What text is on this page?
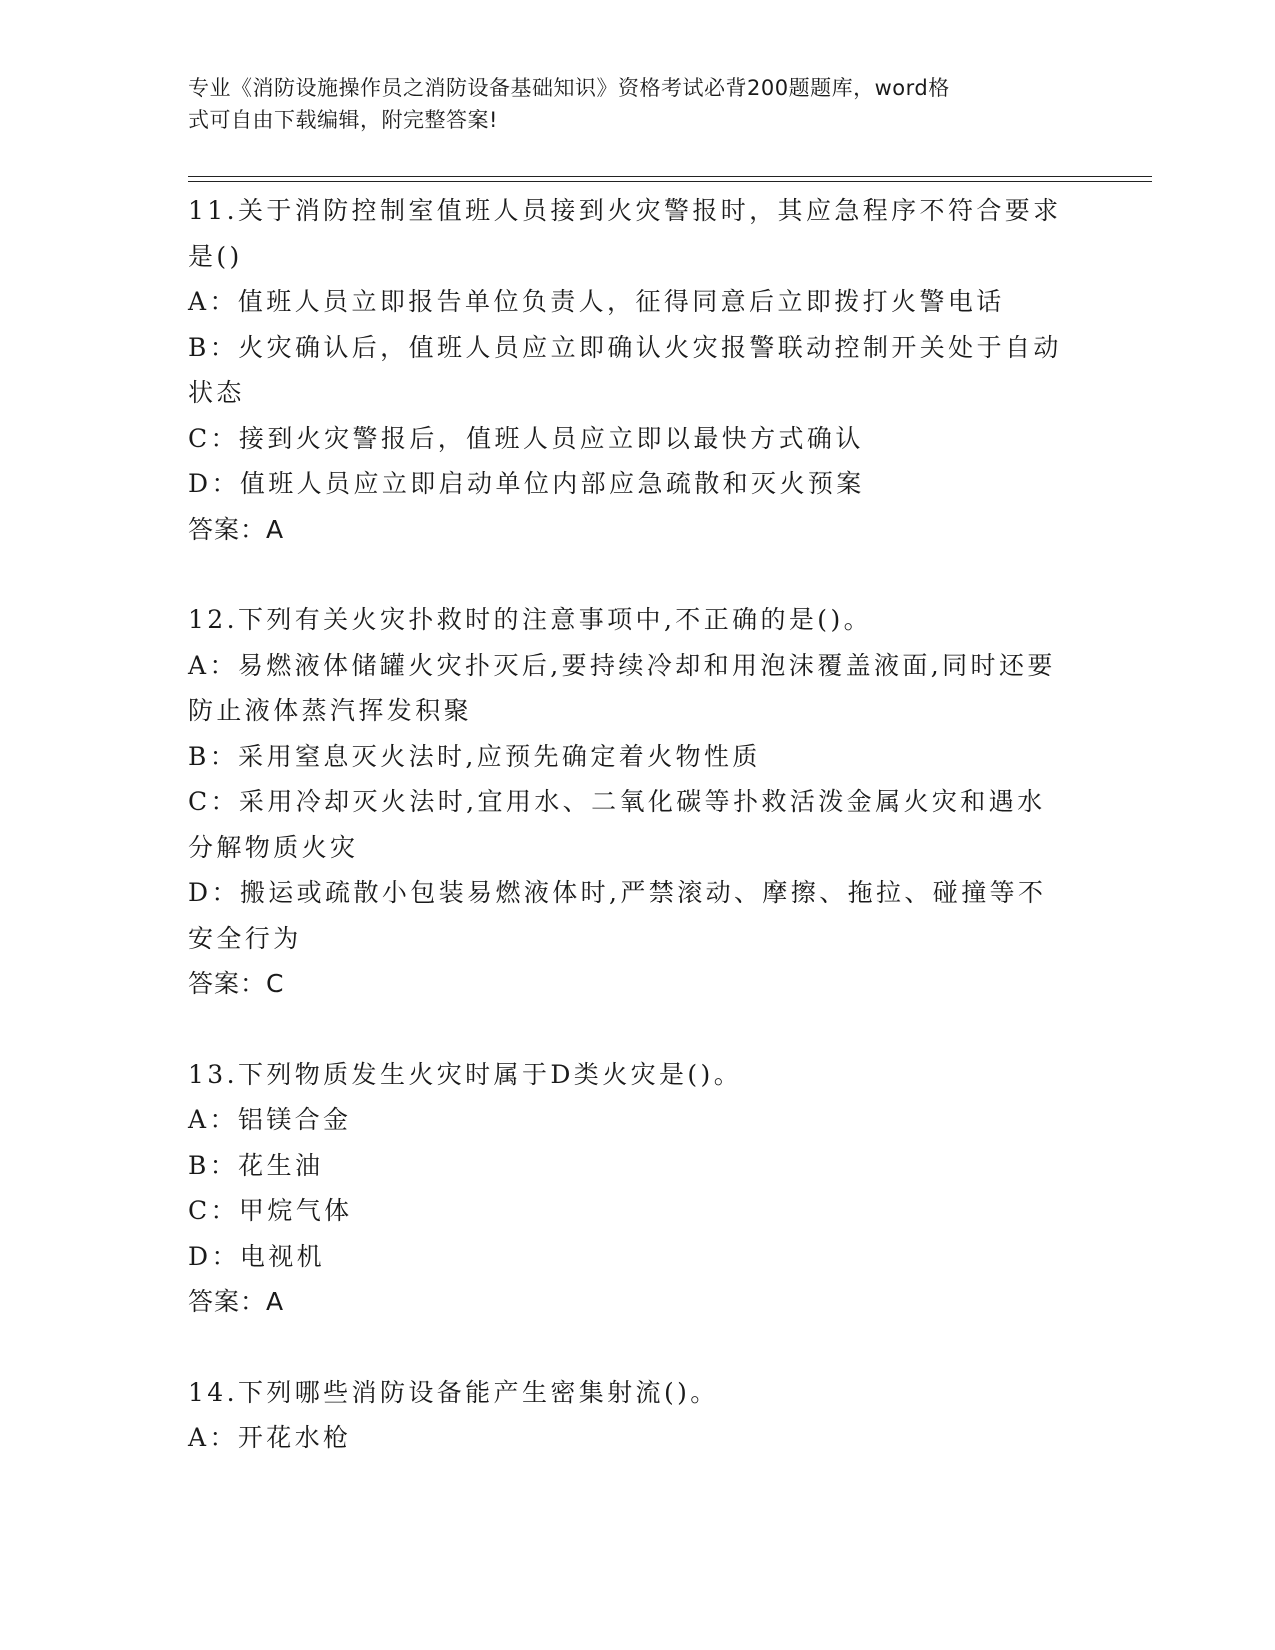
专业《消防设施操作员之消防设备基础知识》资格考试必背200题题库，word格
式可自由下载编辑，附完整答案!
11.关于消防控制室值班人员接到火灾警报时，其应急程序不符合要求
是()
A：值班人员立即报告单位负责人，征得同意后立即拨打火警电话
B：火灾确认后，值班人员应立即确认火灾报警联动控制开关处于自动
状态
C：接到火灾警报后，值班人员应立即以最快方式确认
D：值班人员应立即启动单位内部应急疏散和灭火预案
答案：A
12.下列有关火灾扑救时的注意事项中,不正确的是()。
A：易燃液体储罐火灾扑灭后,要持续冷却和用泡沫覆盖液面,同时还要
防止液体蒸汽挥发积聚
B：采用窒息灭火法时,应预先确定着火物性质
C：采用冷却灭火法时,宜用水、二氧化碳等扑救活泼金属火灾和遇水
分解物质火灾
D：搬运或疏散小包装易燃液体时,严禁滚动、摩擦、拖拉、碰撞等不
安全行为
答案：C
13.下列物质发生火灾时属于D类火灾是()。
A：铝镁合金
B：花生油
C：甲烷气体
D：电视机
答案：A
14.下列哪些消防设备能产生密集射流()。
A：开花水枪
